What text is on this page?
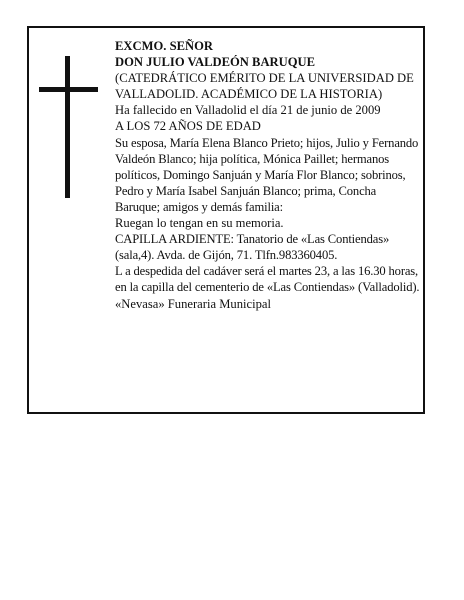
EXCMO. SEÑOR

DON JULIO VALDEÓN BARUQUE

(CATEDRÁTICO EMÉRITO DE LA UNIVERSIDAD DE VALLADOLID. ACADÉMICO DE LA HISTORIA)

Ha fallecido en Valladolid el día 21 de junio de 2009

A LOS 72 AÑOS DE EDAD

Su esposa, María Elena Blanco Prieto; hijos, Julio y Fernando Valdeón Blanco; hija política, Mónica Paillet; hermanos políticos, Domingo Sanjuán y María Flor Blanco; sobrinos, Pedro y María Isabel Sanjuán Blanco; prima, Concha Baruque; amigos y demás familia:

Ruegan lo tengan en su memoria.

CAPILLA ARDIENTE: Tanatorio de «Las Contiendas» (sala,4). Avda. de Gijón, 71. Tlfn.983360405.

L a despedida del cadáver será el martes 23, a las 16.30 horas, en la capilla del cementerio de «Las Contiendas» (Valladolid).

«Nevasa» Funeraria Municipal
